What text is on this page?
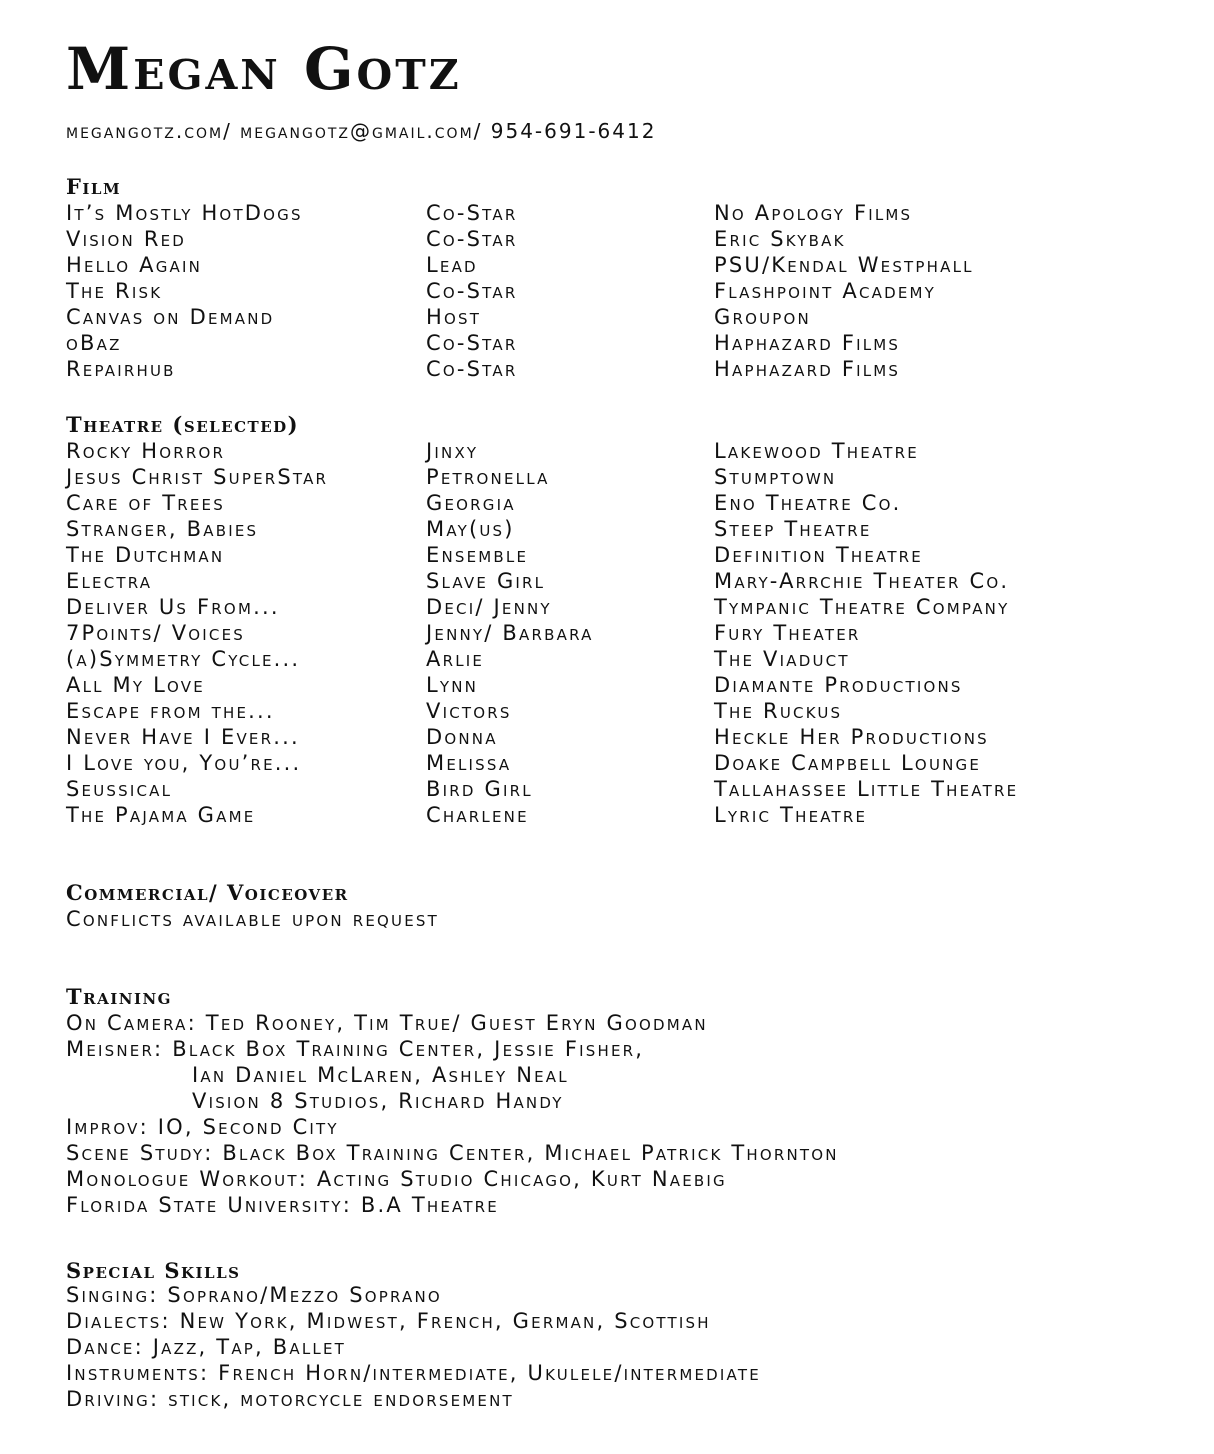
Megan Gotz
megangotz.com/ megangotz@gmail.com/ 954-691-6412
Film
It’s Mostly HotDogs	Co-Star	No Apology Films
Vision Red	Co-Star	Eric Skybak
Hello Again	Lead	PSU/Kendal Westphall
The Risk	Co-Star	Flashpoint Academy
Canvas on Demand	Host	Groupon
oBaz	Co-Star	Haphazard Films
Repairhub	Co-Star	Haphazard Films
Theatre (selected)
Rocky Horror	Jinxy	Lakewood Theatre
Jesus Christ SuperStar	Petronella	Stumptown
Care of Trees	Georgia	Eno Theatre Co.
Stranger, Babies	May(us)	Steep Theatre
The Dutchman	Ensemble	Definition Theatre
Electra	Slave Girl	Mary-Arrchie Theater Co.
Deliver Us From...	Deci/ Jenny	Tympanic Theatre Company
7Points/ Voices	Jenny/ Barbara	Fury Theater
(a)Symmetry Cycle...	Arlie	The Viaduct
All My Love	Lynn	Diamante Productions
Escape from the...	Victors	The Ruckus
Never Have I Ever...	Donna	Heckle Her Productions
I Love you, You’re...	Melissa	Doake Campbell Lounge
Seussical	Bird Girl	Tallahassee Little Theatre
The Pajama Game	Charlene	Lyric Theatre
Commercial/ Voiceover
Conflicts available upon request
Training
On Camera: Ted Rooney, Tim True/ Guest Eryn Goodman
Meisner: Black Box Training Center, Jessie Fisher,
Ian Daniel McLaren, Ashley Neal
Vision 8 Studios, Richard Handy
Improv: IO, Second City
Scene Study: Black Box Training Center, Michael Patrick Thornton
Monologue Workout: Acting Studio Chicago, Kurt Naebig
Florida State University: B.A Theatre
Special Skills
Singing: Soprano/Mezzo Soprano
Dialects: New York, Midwest, French, German, Scottish
Dance: Jazz, Tap, Ballet
Instruments: French Horn/intermediate, Ukulele/intermediate
Driving: stick, motorcycle endorsement
